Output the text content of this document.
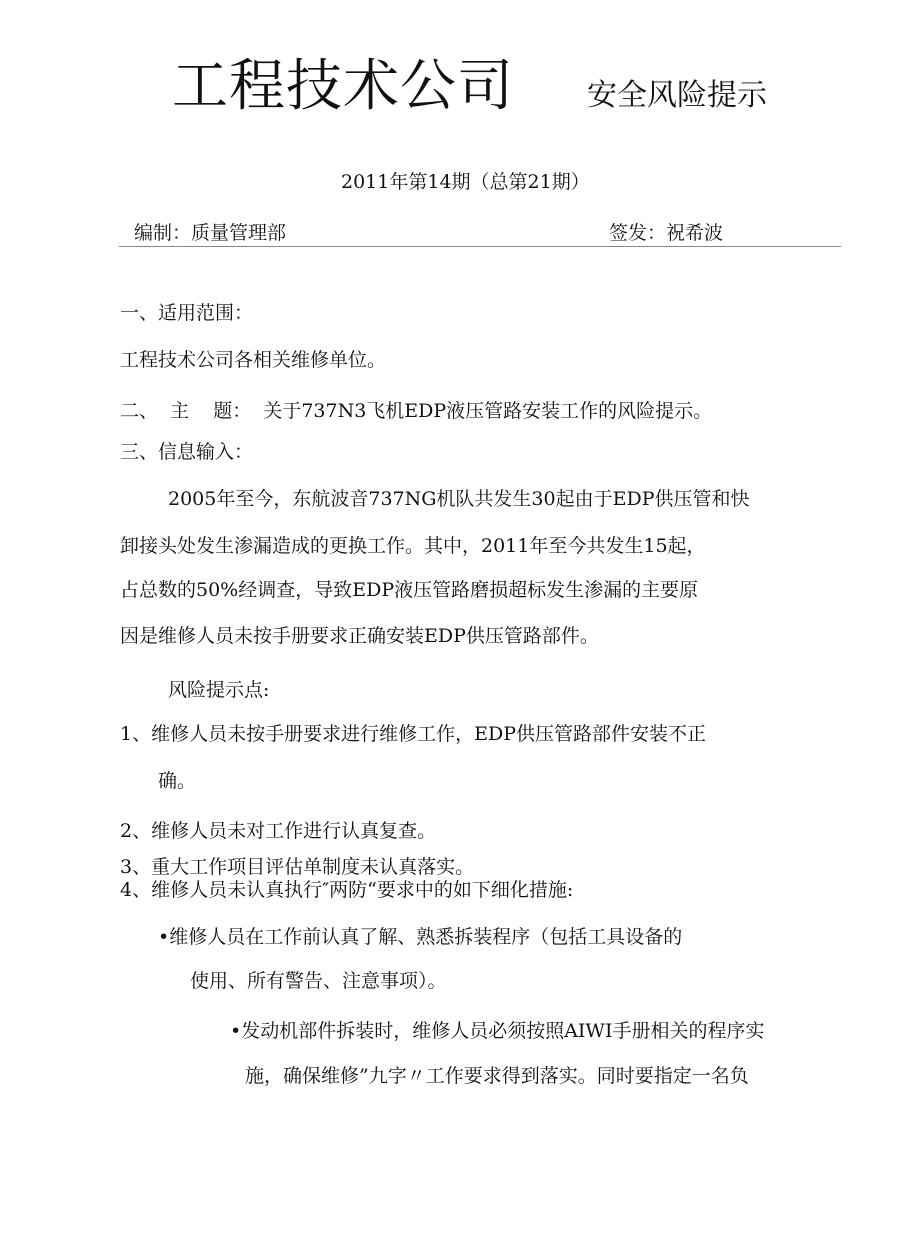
工程技术公司 安全风险提示
2011年第14期（总第21期）
编制：质量管理部	签发：祝希波
一、适用范围：
工程技术公司各相关维修单位。
二、  主    题：  关于737N3飞机EDP液压管路安装工作的风险提示。
三、信息输入：
2005年至今，东航波音737NG机队共发生30起由于EDP供压管和快
卸接头处发生渗漏造成的更换工作。其中，2011年至今共发生15起，
占总数的50%经调查，导致EDP液压管路磨损超标发生渗漏的主要原
因是维修人员未按手册要求正确安装EDP供压管路部件。
风险提示点:
1、维修人员未按手册要求进行维修工作，EDP供压管路部件安装不正
确。
2、维修人员未对工作进行认真复查。
3、重大工作项目评估单制度未认真落实。
4、维修人员未认真执行″两防“要求中的如下细化措施:
•维修人员在工作前认真了解、熟悉拆装程序（包括工具设备的
使用、所有警告、注意事项）。
•发动机部件拆装时，维修人员必须按照AIWI手册相关的程序实
施，确保维修”九字〃工作要求得到落实。同时要指定一名负
